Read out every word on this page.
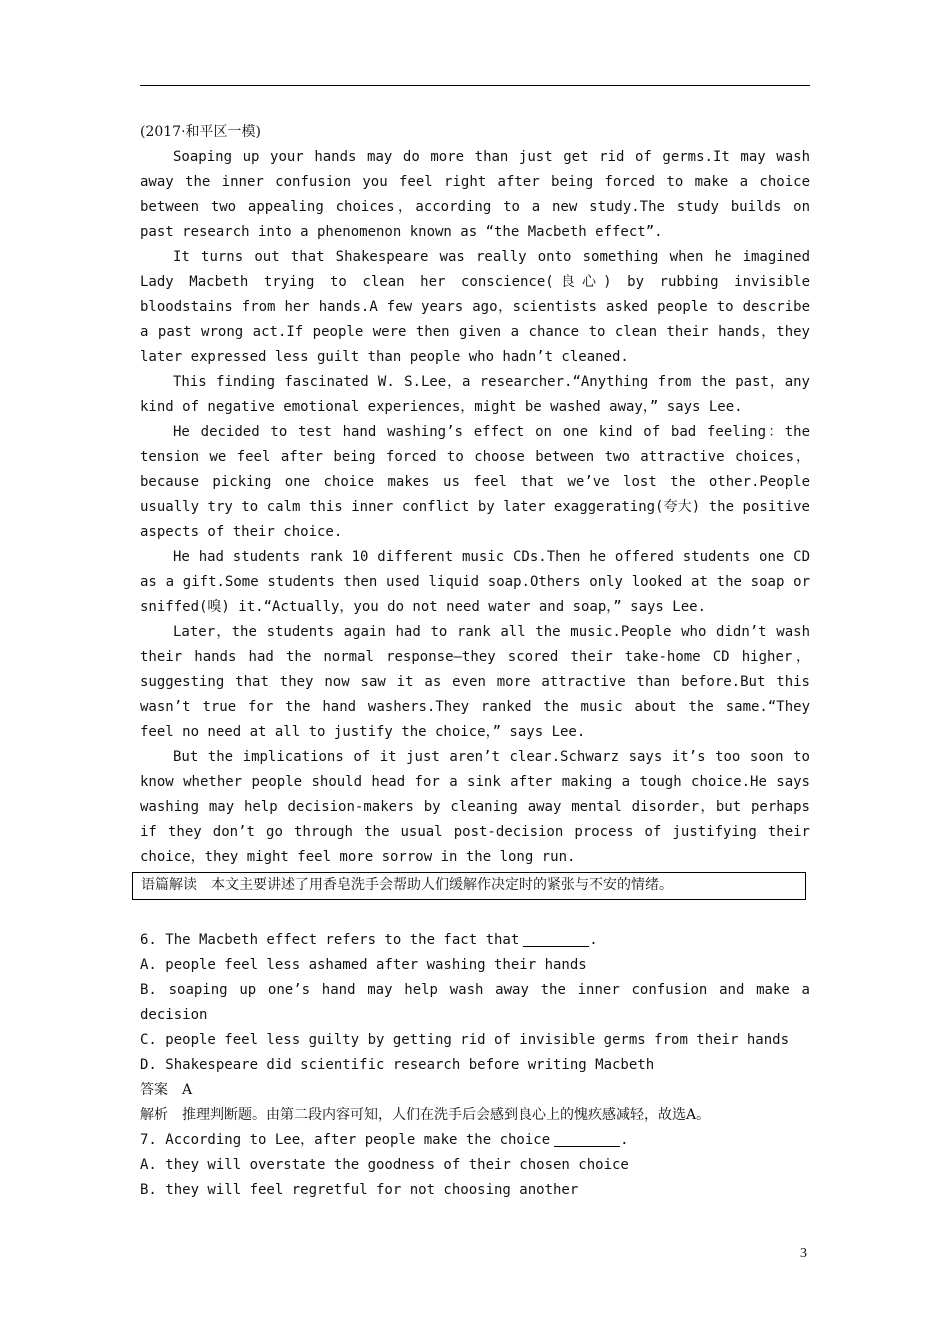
(2017·和平区一模)

Soaping up your hands may do more than just get rid of germs.It may wash away the inner confusion you feel right after being forced to make a choice between two appealing choices，according to a new study.The study builds on past research into a phenomenon known as “the Macbeth effect”.

It turns out that Shakespeare was really onto something when he imagined Lady Macbeth trying to clean her conscience(良心) by rubbing invisible bloodstains from her hands.A few years ago，scientists asked people to describe a past wrong act.If people were then given a chance to clean their hands，they later expressed less guilt than people who hadn’t cleaned.

This finding fascinated W. S.Lee，a researcher.“Anything from the past，any kind of negative emotional experiences，might be washed away，” says Lee.

He decided to test hand washing’s effect on one kind of bad feeling：the tension we feel after being forced to choose between two attractive choices，because picking one choice makes us feel that we’ve lost the other.People usually try to calm this inner conflict by later exaggerating(夸大) the positive aspects of their choice.

He had students rank 10 different music CDs.Then he offered students one CD as a gift.Some students then used liquid soap.Others only looked at the soap or sniffed(嗅) it.“Actually，you do not need water and soap，” says Lee.

Later，the students again had to rank all the music.People who didn’t wash their hands had the normal response—they scored their take-home CD higher，suggesting that they now saw it as even more attractive than before.But this wasn’t true for the hand washers.They ranked the music about the same.“They feel no need at all to justify the choice，” says Lee.

But the implications of it just aren’t clear.Schwarz says it’s too soon to know whether people should head for a sink after making a tough choice.He says washing may help decision-makers by cleaning away mental disorder，but perhaps if they don’t go through the usual post-decision process of justifying their choice，they might feel more sorrow in the long run.

语篇解读　本文主要讲述了用香皂洗手会帮助人们缓解作决定时的紧张与不安的情绪。

6. The Macbeth effect refers to the fact that	.

A. people feel less ashamed after washing their hands

B. soaping up one’s hand may help wash away the inner confusion and make a decision

C. people feel less guilty by getting rid of invisible germs from their hands

D. Shakespeare did scientific research before writing Macbeth

答案　A

解析　推理判断题。由第二段内容可知，人们在洗手后会感到良心上的愧疚感减轻，故选A。

7. According to Lee，after people make the choice	.

A. they will overstate the goodness of their chosen choice

B. they will feel regretful for not choosing another

3
